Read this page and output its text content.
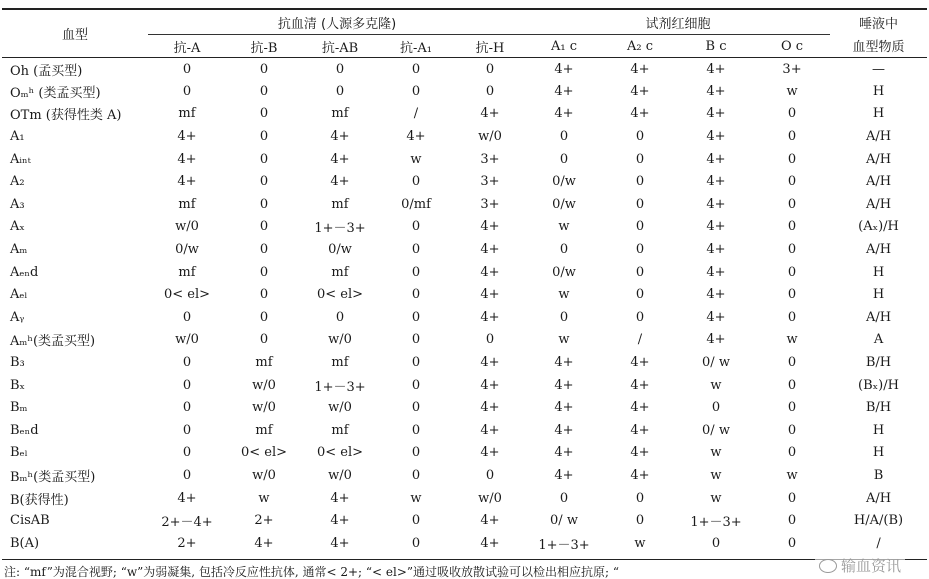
血型	抗血清 (人源多克隆)					试剂红细胞				唾液中
	抗-A	抗-B	抗-AB	抗-A₁	抗-H	A₁ c	A₂ c	B c	O c	血型物质
Oh (孟买型)	0	0	0	0	0	4+	4+	4+	3+	—
Oₘʰ (类孟买型)	0	0	0	0	0	4+	4+	4+	w	H
OTm (获得性类 A)	mf	0	mf	/	4+	4+	4+	4+	0	H
A₁	4+	0	4+	4+	w/0	0	0	4+	0	A/H
Aᵢₙₜ	4+	0	4+	w	3+	0	0	4+	0	A/H
A₂	4+	0	4+	0	3+	0/w	0	4+	0	A/H
A₃	mf	0	mf	0/mf	3+	0/w	0	4+	0	A/H
Aₓ	w/0	0	1+－3+	0	4+	w	0	4+	0	(Aₓ)/H
Aₘ	0/w	0	0/w	0	4+	0	0	4+	0	A/H
Aₑₙd	mf	0	mf	0	4+	0/w	0	4+	0	H
Aₑₗ	0< el>	0	0< el>	0	4+	w	0	4+	0	H
Aᵧ	0	0	0	0	4+	0	0	4+	0	A/H
Aₘʰ(类孟买型)	w/0	0	w/0	0	0	w	/	4+	w	A
B₃	0	mf	mf	0	4+	4+	4+	0/ w	0	B/H
Bₓ	0	w/0	1+－3+	0	4+	4+	4+	w	0	(Bₓ)/H
Bₘ	0	w/0	w/0	0	4+	4+	4+	0	0	B/H
Bₑₙd	0	mf	mf	0	4+	4+	4+	0/ w	0	H
Bₑₗ	0	0< el>	0< el>	0	4+	4+	4+	w	0	H
Bₘʰ(类孟买型)	0	w/0	w/0	0	0	4+	4+	w	w	B
B(获得性)	4+	w	4+	w	w/0	0	0	w	0	A/H
CisAB	2+－4+	2+	4+	0	4+	0/ w	0	1+－3+	0	H/A/(B)
B(A)	2+	4+	4+	0	4+	1+－3+	w	0	0	/
注: “mf”为混合视野; “w”为弱凝集, 包括冷反应性抗体, 通常< 2+; “< el>”通过吸收放散试验可以检出相应抗原; “	输血资讯
